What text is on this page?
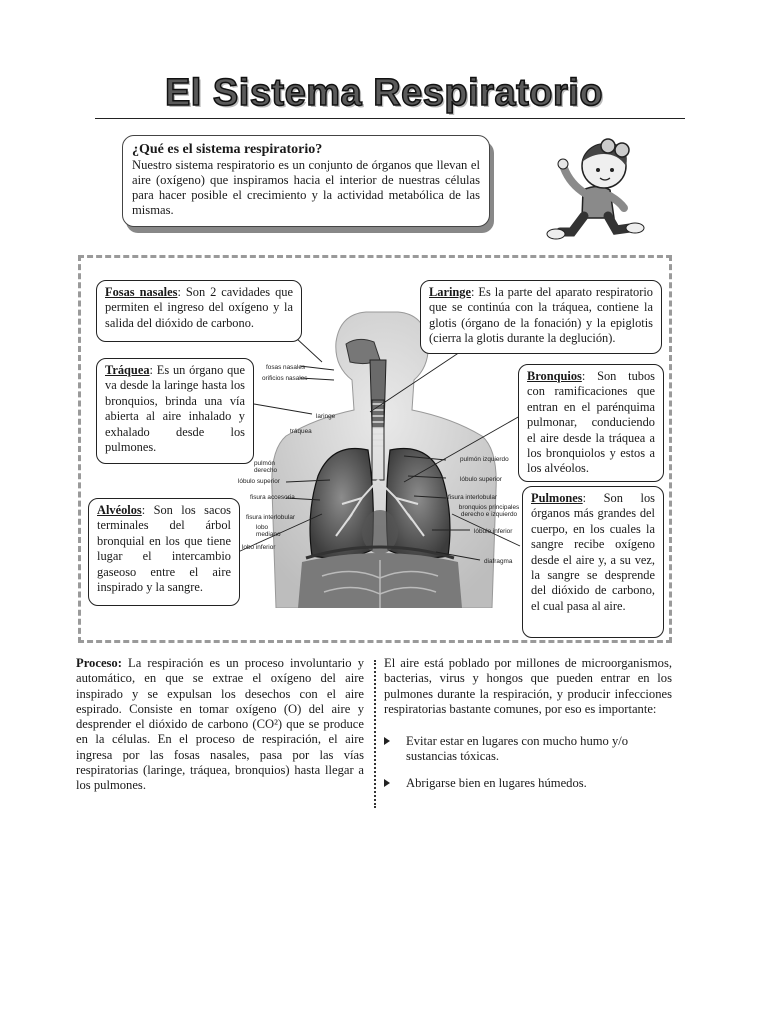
El Sistema Respiratorio
¿Qué es el sistema respiratorio?
Nuestro sistema respiratorio es un conjunto de órganos que llevan el aire (oxígeno) que inspiramos hacia el interior de nuestras células para hacer posible el crecimiento y la actividad metabólica de las mismas.
fosas nasales
orificios nasales
laringe
tráquea
pulmón derecho
lóbulo superior
fisura accesoria
fisura interlobular
lobo mediano
lobo inferior
pulmón izquierdo
lóbulo superior
fisura interlobular
bronquios principales derecho e izquierdo
lóbulo inferior
diafragma
Fosas nasales: Son 2 cavidades que permiten el ingreso del oxígeno y la salida del dióxido de carbono.
Laringe: Es la parte del aparato respiratorio que se continúa con la tráquea, contiene la glotis (órgano de la fonación) y la epiglotis (cierra la glotis durante la deglución).
Tráquea: Es un órgano que va desde la laringe hasta los bronquios, brinda una vía abierta al aire inhalado y exhalado desde los pulmones.
Bronquios: Son tubos con ramificaciones que entran en el parénquima pulmonar, conduciendo el aire desde la tráquea a los bronquiolos y estos a los alvéolos.
Alvéolos: Son los sacos terminales del árbol bronquial en los que tiene lugar el intercambio gaseoso entre el aire inspirado y la sangre.
Pulmones: Son los órganos más grandes del cuerpo, en los cuales la sangre recibe oxígeno desde el aire y, a su vez, la sangre se desprende del dióxido de carbono, el cual pasa al aire.
Proceso: La respiración es un proceso involuntario y automático, en que se extrae el oxígeno del aire inspirado y se expulsan los desechos con el aire espirado. Consiste en tomar oxígeno (O) del aire y desprender el dióxido de carbono (CO²) que se produce en la células. En el proceso de respiración, el aire ingresa por las fosas nasales, pasa por las vías respiratorias (laringe, tráquea, bronquios) hasta llegar a los pulmones.
El aire está poblado por millones de microorganismos, bacterias, virus y hongos que pueden entrar en los pulmones durante la respiración, y producir infecciones respiratorias bastante comunes, por eso es importante:
Evitar estar en lugares con mucho humo y/o sustancias tóxicas.
Abrigarse bien en lugares húmedos.
